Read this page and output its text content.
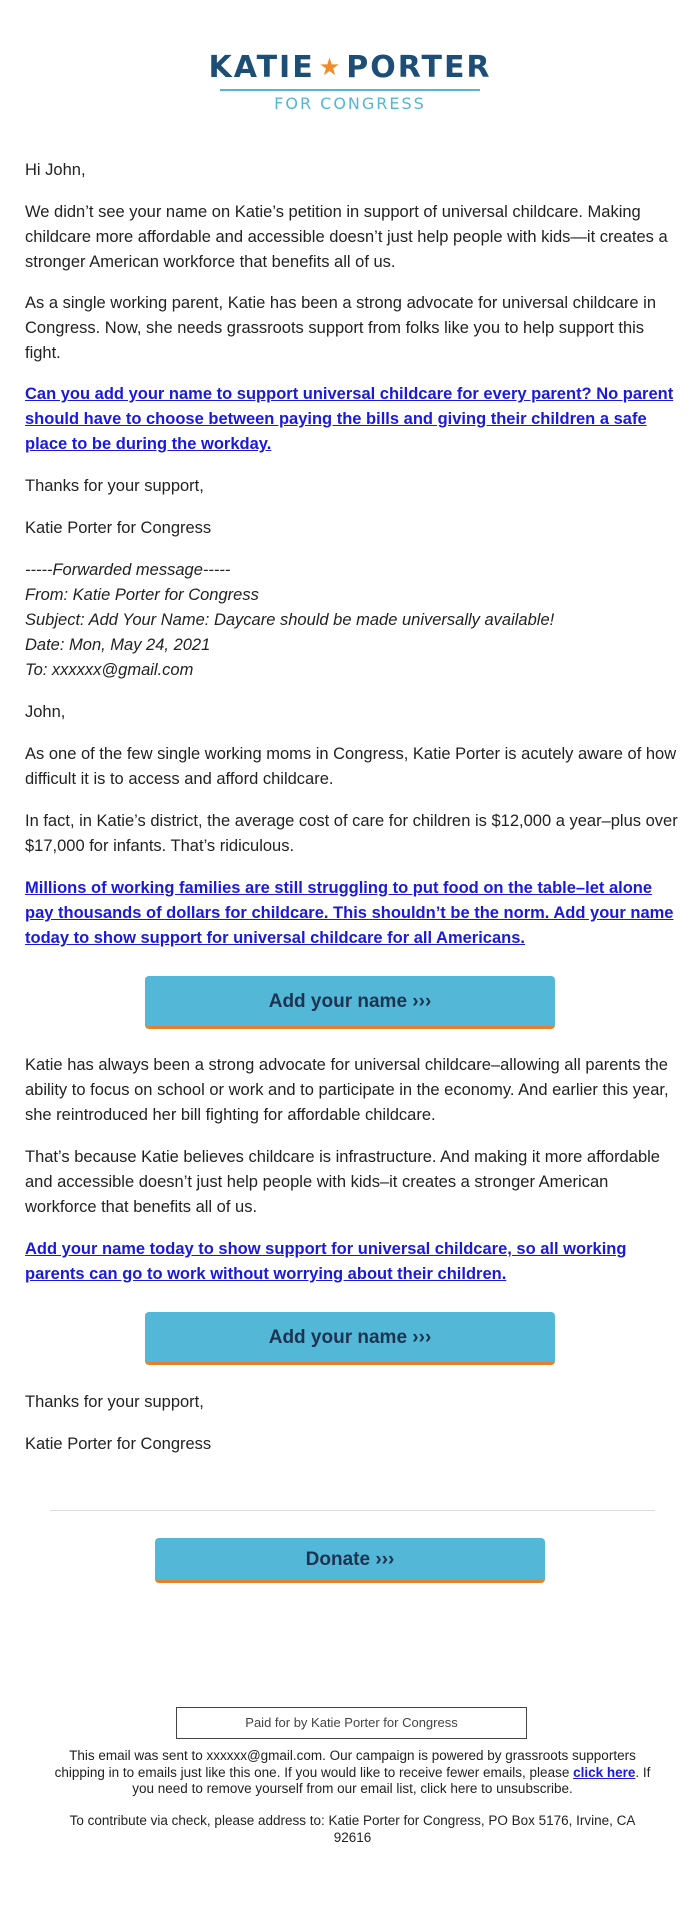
KATIE ★ PORTER
FOR CONGRESS

Hi John,

We didn’t see your name on Katie’s petition in support of universal childcare. Making childcare more affordable and accessible doesn’t just help people with kids—it creates a stronger American workforce that benefits all of us.

As a single working parent, Katie has been a strong advocate for universal childcare in Congress. Now, she needs grassroots support from folks like you to help support this fight.

Can you add your name to support universal childcare for every parent? No parent should have to choose between paying the bills and giving their children a safe place to be during the workday.

Thanks for your support,

Katie Porter for Congress

-----Forwarded message-----
From: Katie Porter for Congress
Subject: Add Your Name: Daycare should be made universally available!
Date: Mon, May 24, 2021
To: xxxxxx@gmail.com

John,

As one of the few single working moms in Congress, Katie Porter is acutely aware of how difficult it is to access and afford childcare.

In fact, in Katie’s district, the average cost of care for children is $12,000 a year–plus over $17,000 for infants. That’s ridiculous.

Millions of working families are still struggling to put food on the table–let alone pay thousands of dollars for childcare. This shouldn’t be the norm. Add your name today to show support for universal childcare for all Americans.

Add your name ›››

Katie has always been a strong advocate for universal childcare–allowing all parents the ability to focus on school or work and to participate in the economy. And earlier this year, she reintroduced her bill fighting for affordable childcare.

That’s because Katie believes childcare is infrastructure. And making it more affordable and accessible doesn’t just help people with kids–it creates a stronger American workforce that benefits all of us.

Add your name today to show support for universal childcare, so all working parents can go to work without worrying about their children.

Add your name ›››

Thanks for your support,

Katie Porter for Congress

Donate ›››
Paid for by Katie Porter for Congress
This email was sent to xxxxxx@gmail.com. Our campaign is powered by grassroots supporters chipping in to emails just like this one. If you would like to receive fewer emails, please click here. If you need to remove yourself from our email list, click here to unsubscribe.
To contribute via check, please address to: Katie Porter for Congress, PO Box 5176, Irvine, CA 92616
